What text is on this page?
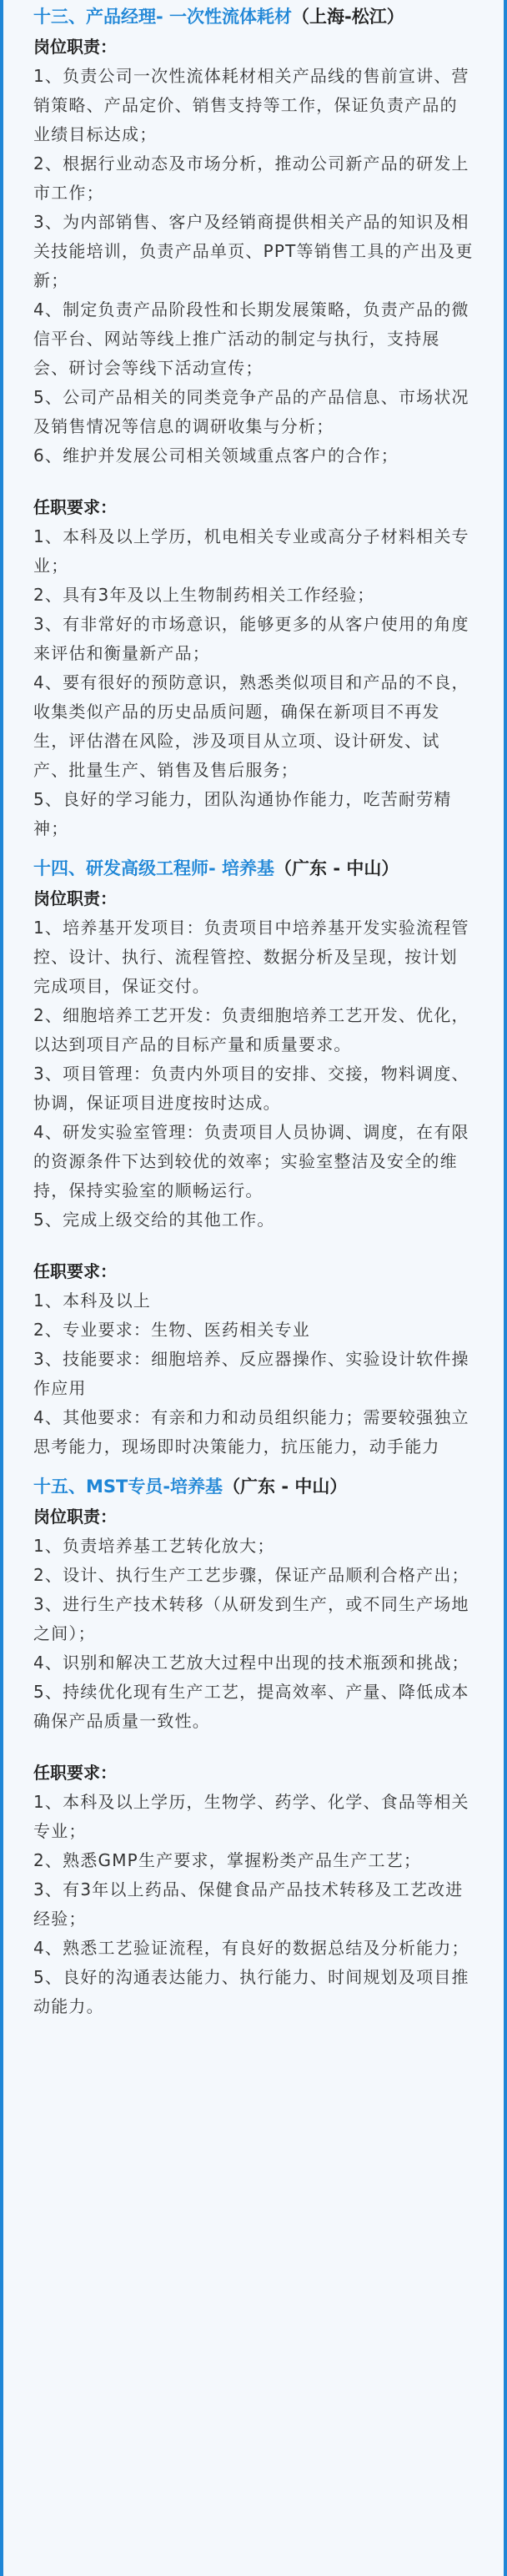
十三、产品经理- 一次性流体耗材（上海-松江）
岗位职责：

1、负责公司一次性流体耗材相关产品线的售前宣讲、营销策略、产品定价、销售支持等工作，保证负责产品的业绩目标达成；

2、根据行业动态及市场分析，推动公司新产品的研发上市工作；

3、为内部销售、客户及经销商提供相关产品的知识及相关技能培训，负责产品单页、PPT等销售工具的产出及更新；

4、制定负责产品阶段性和长期发展策略，负责产品的微信平台、网站等线上推广活动的制定与执行，支持展会、研讨会等线下活动宣传；

5、公司产品相关的同类竞争产品的产品信息、市场状况及销售情况等信息的调研收集与分析；

6、维护并发展公司相关领域重点客户的合作；

任职要求：

1、本科及以上学历，机电相关专业或高分子材料相关专业；

2、具有3年及以上生物制药相关工作经验；

3、有非常好的市场意识，能够更多的从客户使用的角度来评估和衡量新产品；

4、要有很好的预防意识，熟悉类似项目和产品的不良，收集类似产品的历史品质问题，确保在新项目不再发生，评估潜在风险，涉及项目从立项、设计研发、试产、批量生产、销售及售后服务；

5、良好的学习能力，团队沟通协作能力，吃苦耐劳精神；

十四、研发高级工程师- 培养基（广东 - 中山）
岗位职责：

1、培养基开发项目：负责项目中培养基开发实验流程管控、设计、执行、流程管控、数据分析及呈现，按计划完成项目，保证交付。

2、细胞培养工艺开发：负责细胞培养工艺开发、优化，以达到项目产品的目标产量和质量要求。

3、项目管理：负责内外项目的安排、交接，物料调度、协调，保证项目进度按时达成。

4、研发实验室管理：负责项目人员协调、调度，在有限的资源条件下达到较优的效率；实验室整洁及安全的维持，保持实验室的顺畅运行。

5、完成上级交给的其他工作。

任职要求：

1、本科及以上

2、专业要求：生物、医药相关专业

3、技能要求：细胞培养、反应器操作、实验设计软件操作应用

4、其他要求：有亲和力和动员组织能力；需要较强独立思考能力，现场即时决策能力，抗压能力，动手能力

十五、MST专员-培养基（广东 - 中山）
岗位职责：

1、负责培养基工艺转化放大；

2、设计、执行生产工艺步骤，保证产品顺利合格产出；

3、进行生产技术转移（从研发到生产，或不同生产场地之间）；

4、识别和解决工艺放大过程中出现的技术瓶颈和挑战；

5、持续优化现有生产工艺，提高效率、产量、降低成本确保产品质量一致性。

任职要求：

1、本科及以上学历，生物学、药学、化学、食品等相关专业；

2、熟悉GMP生产要求，掌握粉类产品生产工艺；

3、有3年以上药品、保健食品产品技术转移及工艺改进经验；

4、熟悉工艺验证流程，有良好的数据总结及分析能力；

5、良好的沟通表达能力、执行能力、时间规划及项目推动能力。
